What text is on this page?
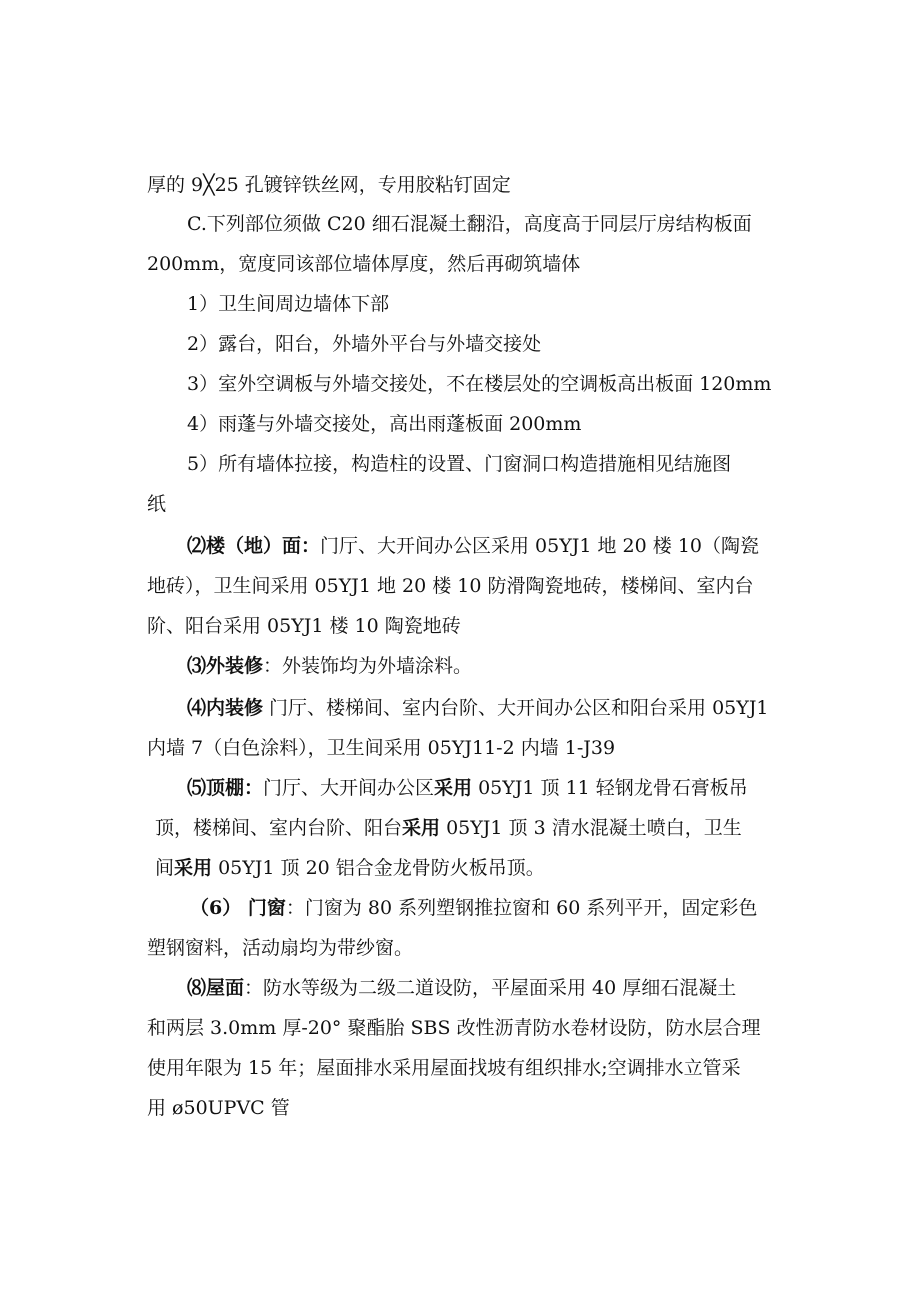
厚的 9╳25 孔镀锌铁丝网，专用胶粘钉固定
C.下列部位须做 C20 细石混凝土翻沿，高度高于同层厅房结构板面
200mm，宽度同该部位墙体厚度，然后再砌筑墙体
1）卫生间周边墙体下部
2）露台，阳台，外墙外平台与外墙交接处
3）室外空调板与外墙交接处，不在楼层处的空调板高出板面 120mm
4）雨蓬与外墙交接处，高出雨蓬板面 200mm
5）所有墙体拉接，构造柱的设置、门窗洞口构造措施相见结施图
纸
⑵楼（地）面：门厅、大开间办公区采用 05YJ1 地 20 楼 10（陶瓷
地砖），卫生间采用 05YJ1 地 20 楼 10 防滑陶瓷地砖，楼梯间、室内台
阶、阳台采用 05YJ1 楼 10 陶瓷地砖
⑶外装修：外装饰均为外墙涂料。
⑷内装修 门厅、楼梯间、室内台阶、大开间办公区和阳台采用 05YJ1
内墙 7（白色涂料），卫生间采用 05YJ11-2 内墙 1-J39
⑸顶棚：门厅、大开间办公区采用 05YJ1 顶 11 轻钢龙骨石膏板吊
顶，楼梯间、室内台阶、阳台采用 05YJ1 顶 3 清水混凝土喷白，卫生
间采用 05YJ1 顶 20 铝合金龙骨防火板吊顶。
（6） 门窗：门窗为 80 系列塑钢推拉窗和 60 系列平开，固定彩色
塑钢窗料，活动扇均为带纱窗。
⑻屋面：防水等级为二级二道设防，平屋面采用 40 厚细石混凝土
和两层 3.0mm 厚-20° 聚酯胎 SBS 改性沥青防水卷材设防，防水层合理
使用年限为 15 年；屋面排水采用屋面找坡有组织排水;空调排水立管采
用 ø50UPVC 管
